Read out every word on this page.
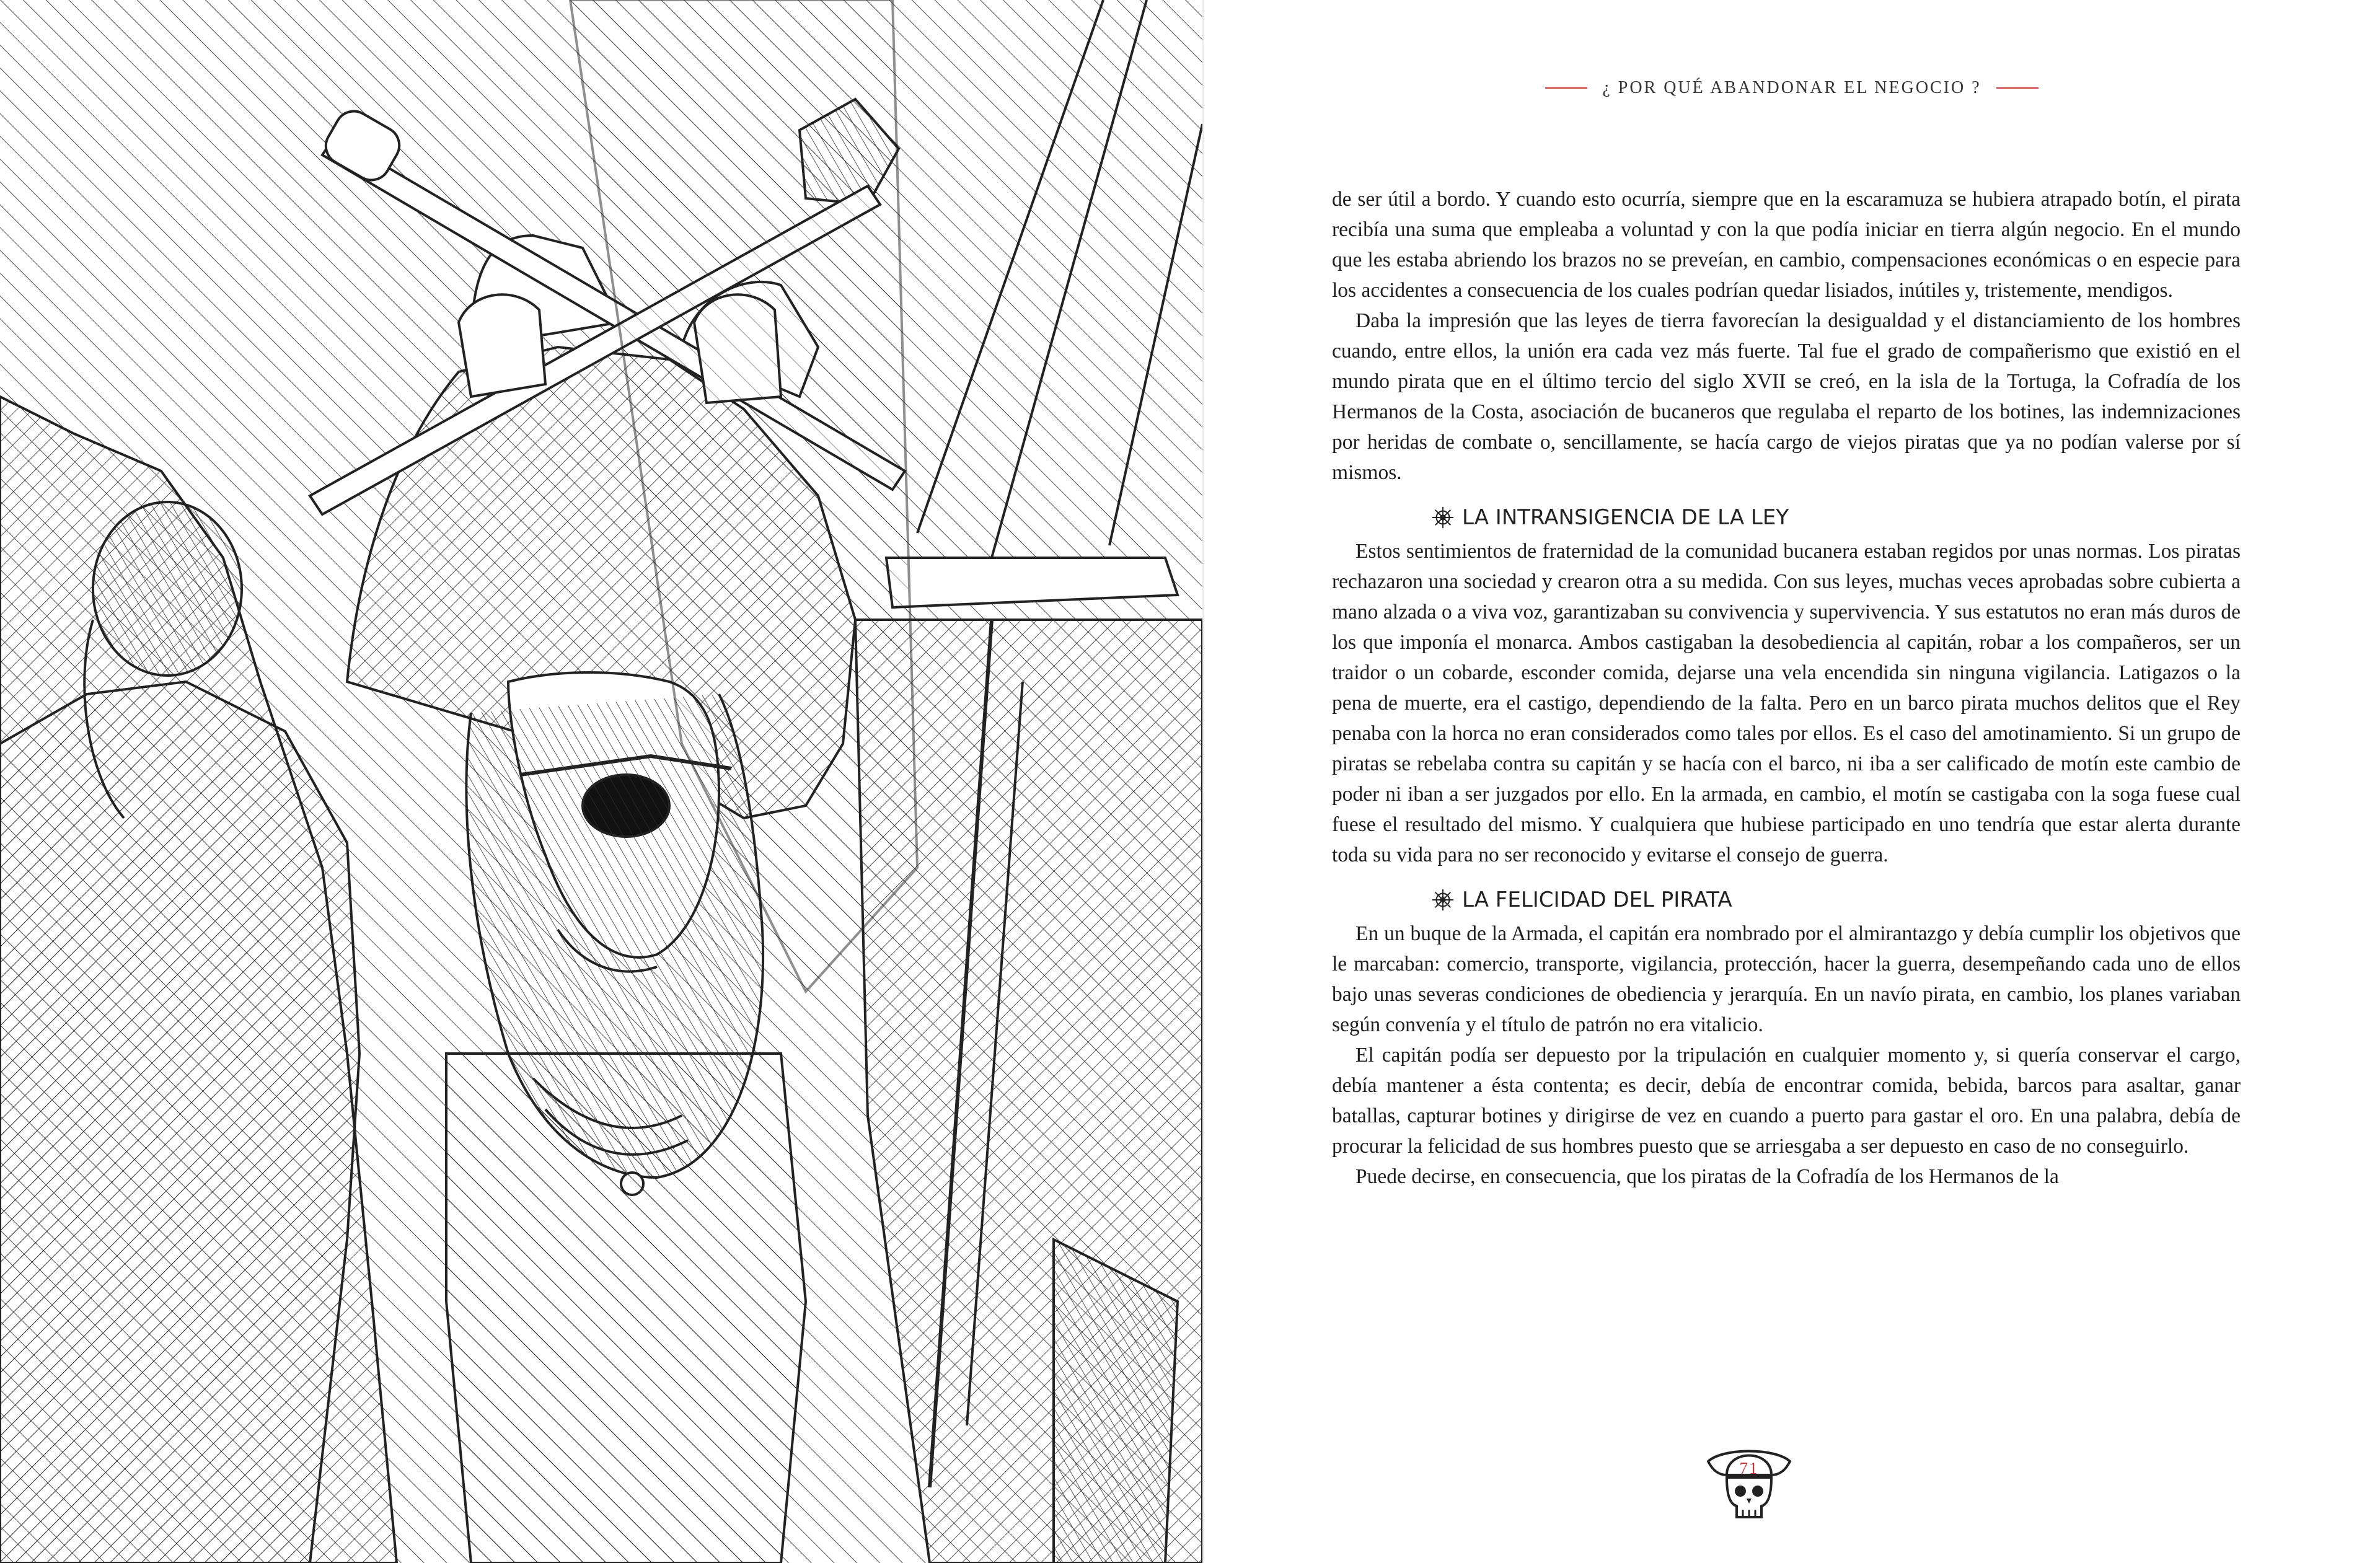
¿ POR QUÉ ABANDONAR EL NEGOCIO ?

de ser útil a bordo. Y cuando esto ocurría, siempre que en la escaramuza se hubiera atrapado botín, el pirata recibía una suma que empleaba a voluntad y con la que podía iniciar en tierra algún negocio. En el mundo que les estaba abriendo los brazos no se preveían, en cambio, compensaciones económicas o en especie para los accidentes a consecuencia de los cuales podrían quedar lisiados, inútiles y, tristemente, mendigos.

Daba la impresión que las leyes de tierra favorecían la desigualdad y el distanciamiento de los hombres cuando, entre ellos, la unión era cada vez más fuerte. Tal fue el grado de compañerismo que existió en el mundo pirata que en el último tercio del siglo XVII se creó, en la isla de la Tortuga, la Cofradía de los Hermanos de la Costa, asociación de bucaneros que regulaba el reparto de los botines, las indemnizaciones por heridas de combate o, sencillamente, se hacía cargo de viejos piratas que ya no podían valerse por sí mismos.

LA INTRANSIGENCIA DE LA LEY

Estos sentimientos de fraternidad de la comunidad bucanera estaban regidos por unas normas. Los piratas rechazaron una sociedad y crearon otra a su medida. Con sus leyes, muchas veces aprobadas sobre cubierta a mano alzada o a viva voz, garantizaban su convivencia y supervivencia. Y sus estatutos no eran más duros de los que imponía el monarca. Ambos castigaban la desobediencia al capitán, robar a los compañeros, ser un traidor o un cobarde, esconder comida, dejarse una vela encendida sin ninguna vigilancia. Latigazos o la pena de muerte, era el castigo, dependiendo de la falta. Pero en un barco pirata muchos delitos que el Rey penaba con la horca no eran considerados como tales por ellos. Es el caso del amotinamiento. Si un grupo de piratas se rebelaba contra su capitán y se hacía con el barco, ni iba a ser calificado de motín este cambio de poder ni iban a ser juzgados por ello. En la armada, en cambio, el motín se castigaba con la soga fuese cual fuese el resultado del mismo. Y cualquiera que hubiese participado en uno tendría que estar alerta durante toda su vida para no ser reconocido y evitarse el consejo de guerra.

LA FELICIDAD DEL PIRATA

En un buque de la Armada, el capitán era nombrado por el almirantazgo y debía cumplir los objetivos que le marcaban: comercio, transporte, vigilancia, protección, hacer la guerra, desempeñando cada uno de ellos bajo unas severas condiciones de obediencia y jerarquía. En un navío pirata, en cambio, los planes variaban según convenía y el título de patrón no era vitalicio.

El capitán podía ser depuesto por la tripulación en cualquier momento y, si quería conservar el cargo, debía mantener a ésta contenta; es decir, debía de encontrar comida, bebida, barcos para asaltar, ganar batallas, capturar botines y dirigirse de vez en cuando a puerto para gastar el oro. En una palabra, debía de procurar la felicidad de sus hombres puesto que se arriesgaba a ser depuesto en caso de no conseguirlo.

Puede decirse, en consecuencia, que los piratas de la Cofradía de los Hermanos de la

71
